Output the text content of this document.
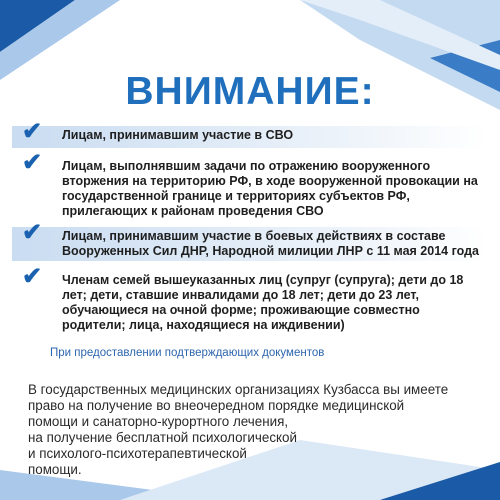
ВНИМАНИЕ:
✔ Лицам, принимавшим участие в СВО
✔ Лицам, выполнявшим задачи по отражению вооруженного вторжения на территорию РФ, в ходе вооруженной провокации на государственной границе и территориях субъектов РФ, прилегающих к районам проведения СВО
✔ Лицам, принимавшим участие в боевых действиях в составе Вооруженных Сил ДНР, Народной милиции ЛНР с 11 мая 2014 года
✔ Членам семей вышеуказанных лиц (супруг (супруга); дети до 18 лет; дети, ставшие инвалидами до 18 лет; дети до 23 лет, обучающиеся на очной форме; проживающие совместно родители; лица, находящиеся на иждивении)
При предоставлении подтверждающих документов
В государственных медицинских организациях Кузбасса вы имеете
право на получение во внеочередном порядке медицинской
помощи и санаторно-курортного лечения,
на получение бесплатной психологической
и психолого-психотерапевтической
помощи.
